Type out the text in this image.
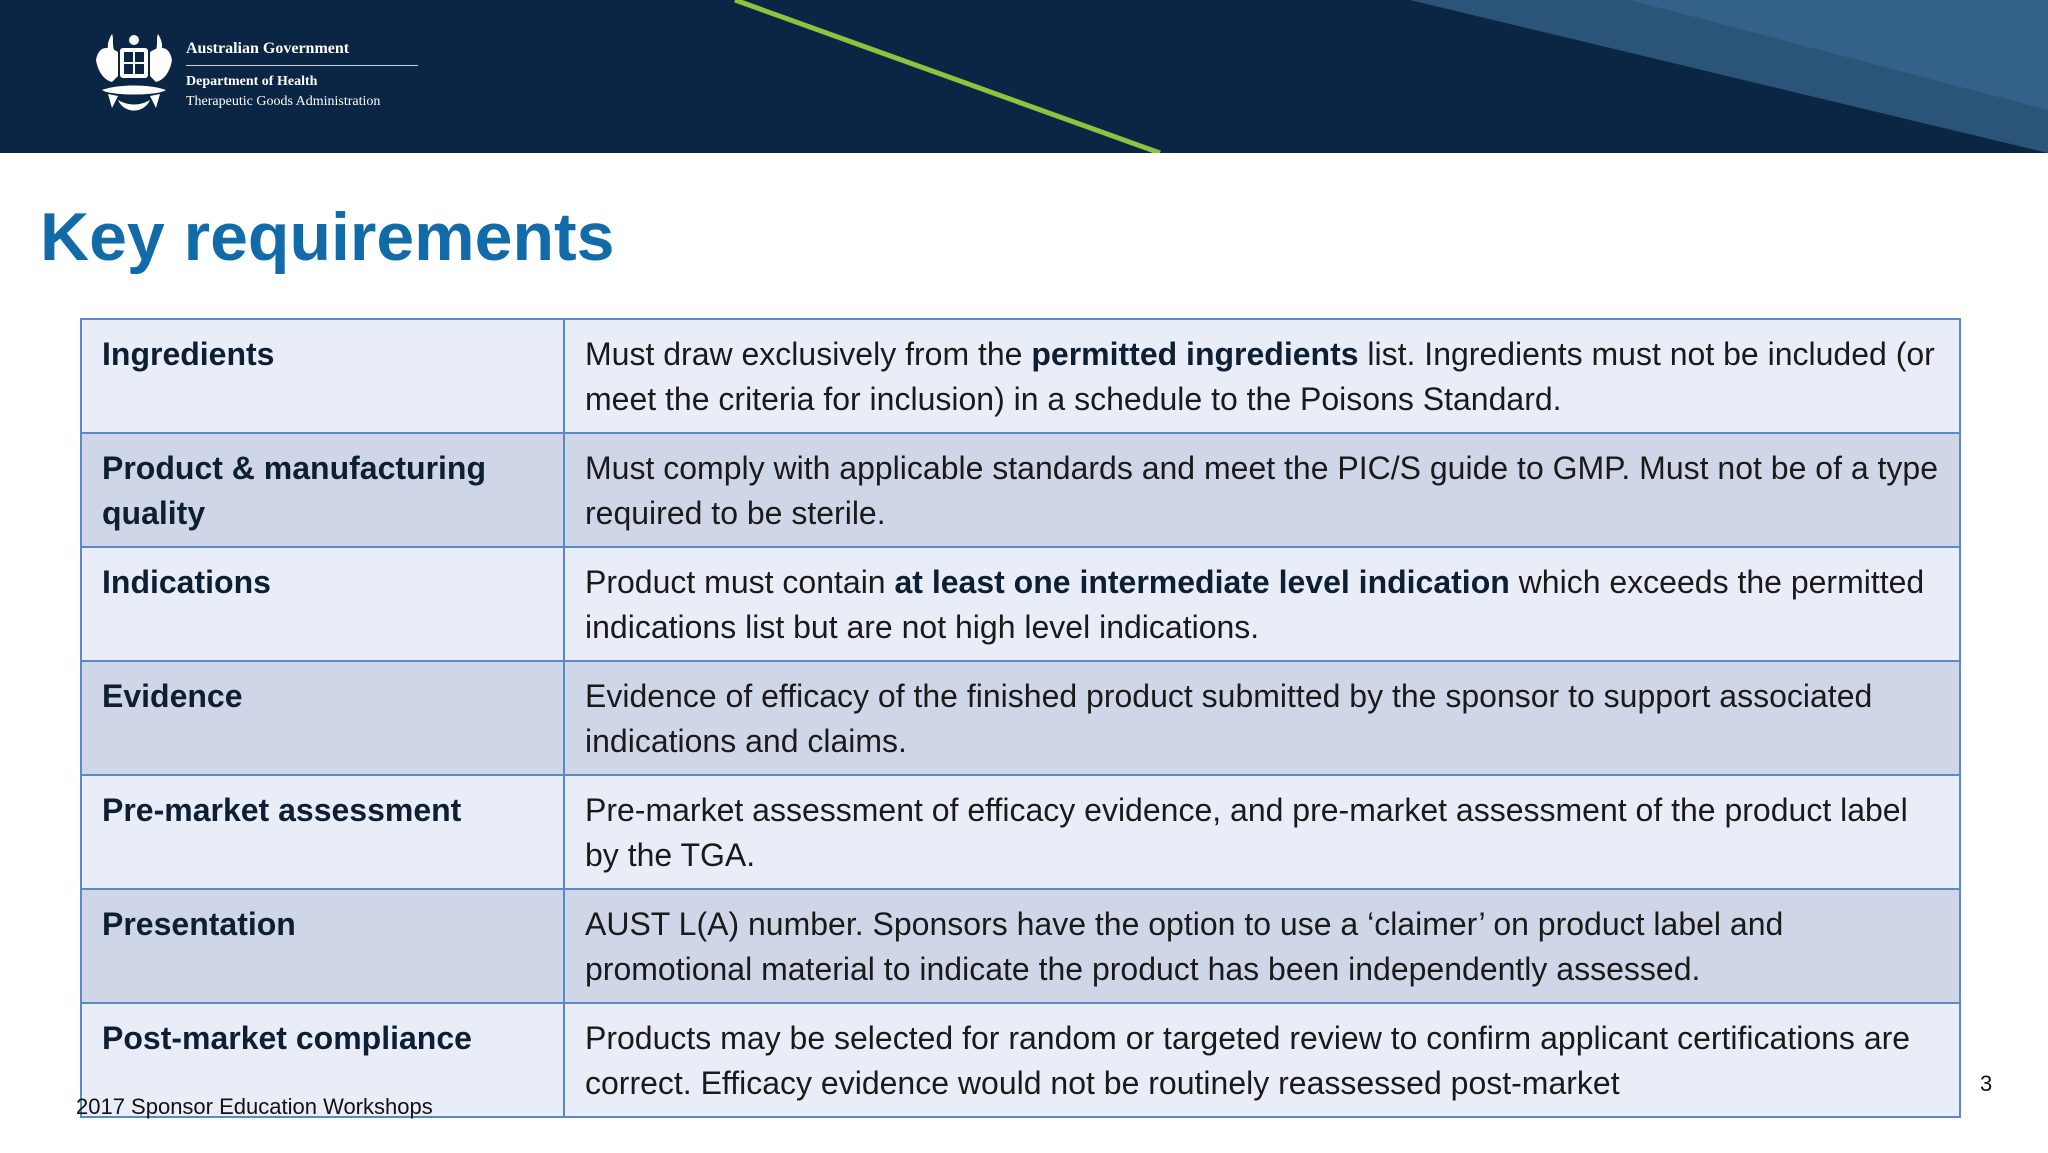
Australian Government
Department of Health
Therapeutic Goods Administration
Key requirements
Ingredients	Must draw exclusively from the permitted ingredients list. Ingredients must not be included (or meet the criteria for inclusion) in a schedule to the Poisons Standard.
Product & manufacturing quality	Must comply with applicable standards and meet the PIC/S guide to GMP. Must not be of a type required to be sterile.
Indications	Product must contain at least one intermediate level indication which exceeds the permitted indications list but are not high level indications.
Evidence	Evidence of efficacy of the finished product submitted by the sponsor to support associated indications and claims.
Pre-market assessment	Pre-market assessment of efficacy evidence, and pre-market assessment of the product label by the TGA.
Presentation	AUST L(A) number. Sponsors have the option to use a ‘claimer’ on product label and promotional material to indicate the product has been independently assessed.
Post-market compliance	Products may be selected for random or targeted review to confirm applicant certifications are correct. Efficacy evidence would not be routinely reassessed post-market
2017 Sponsor Education Workshops
3
